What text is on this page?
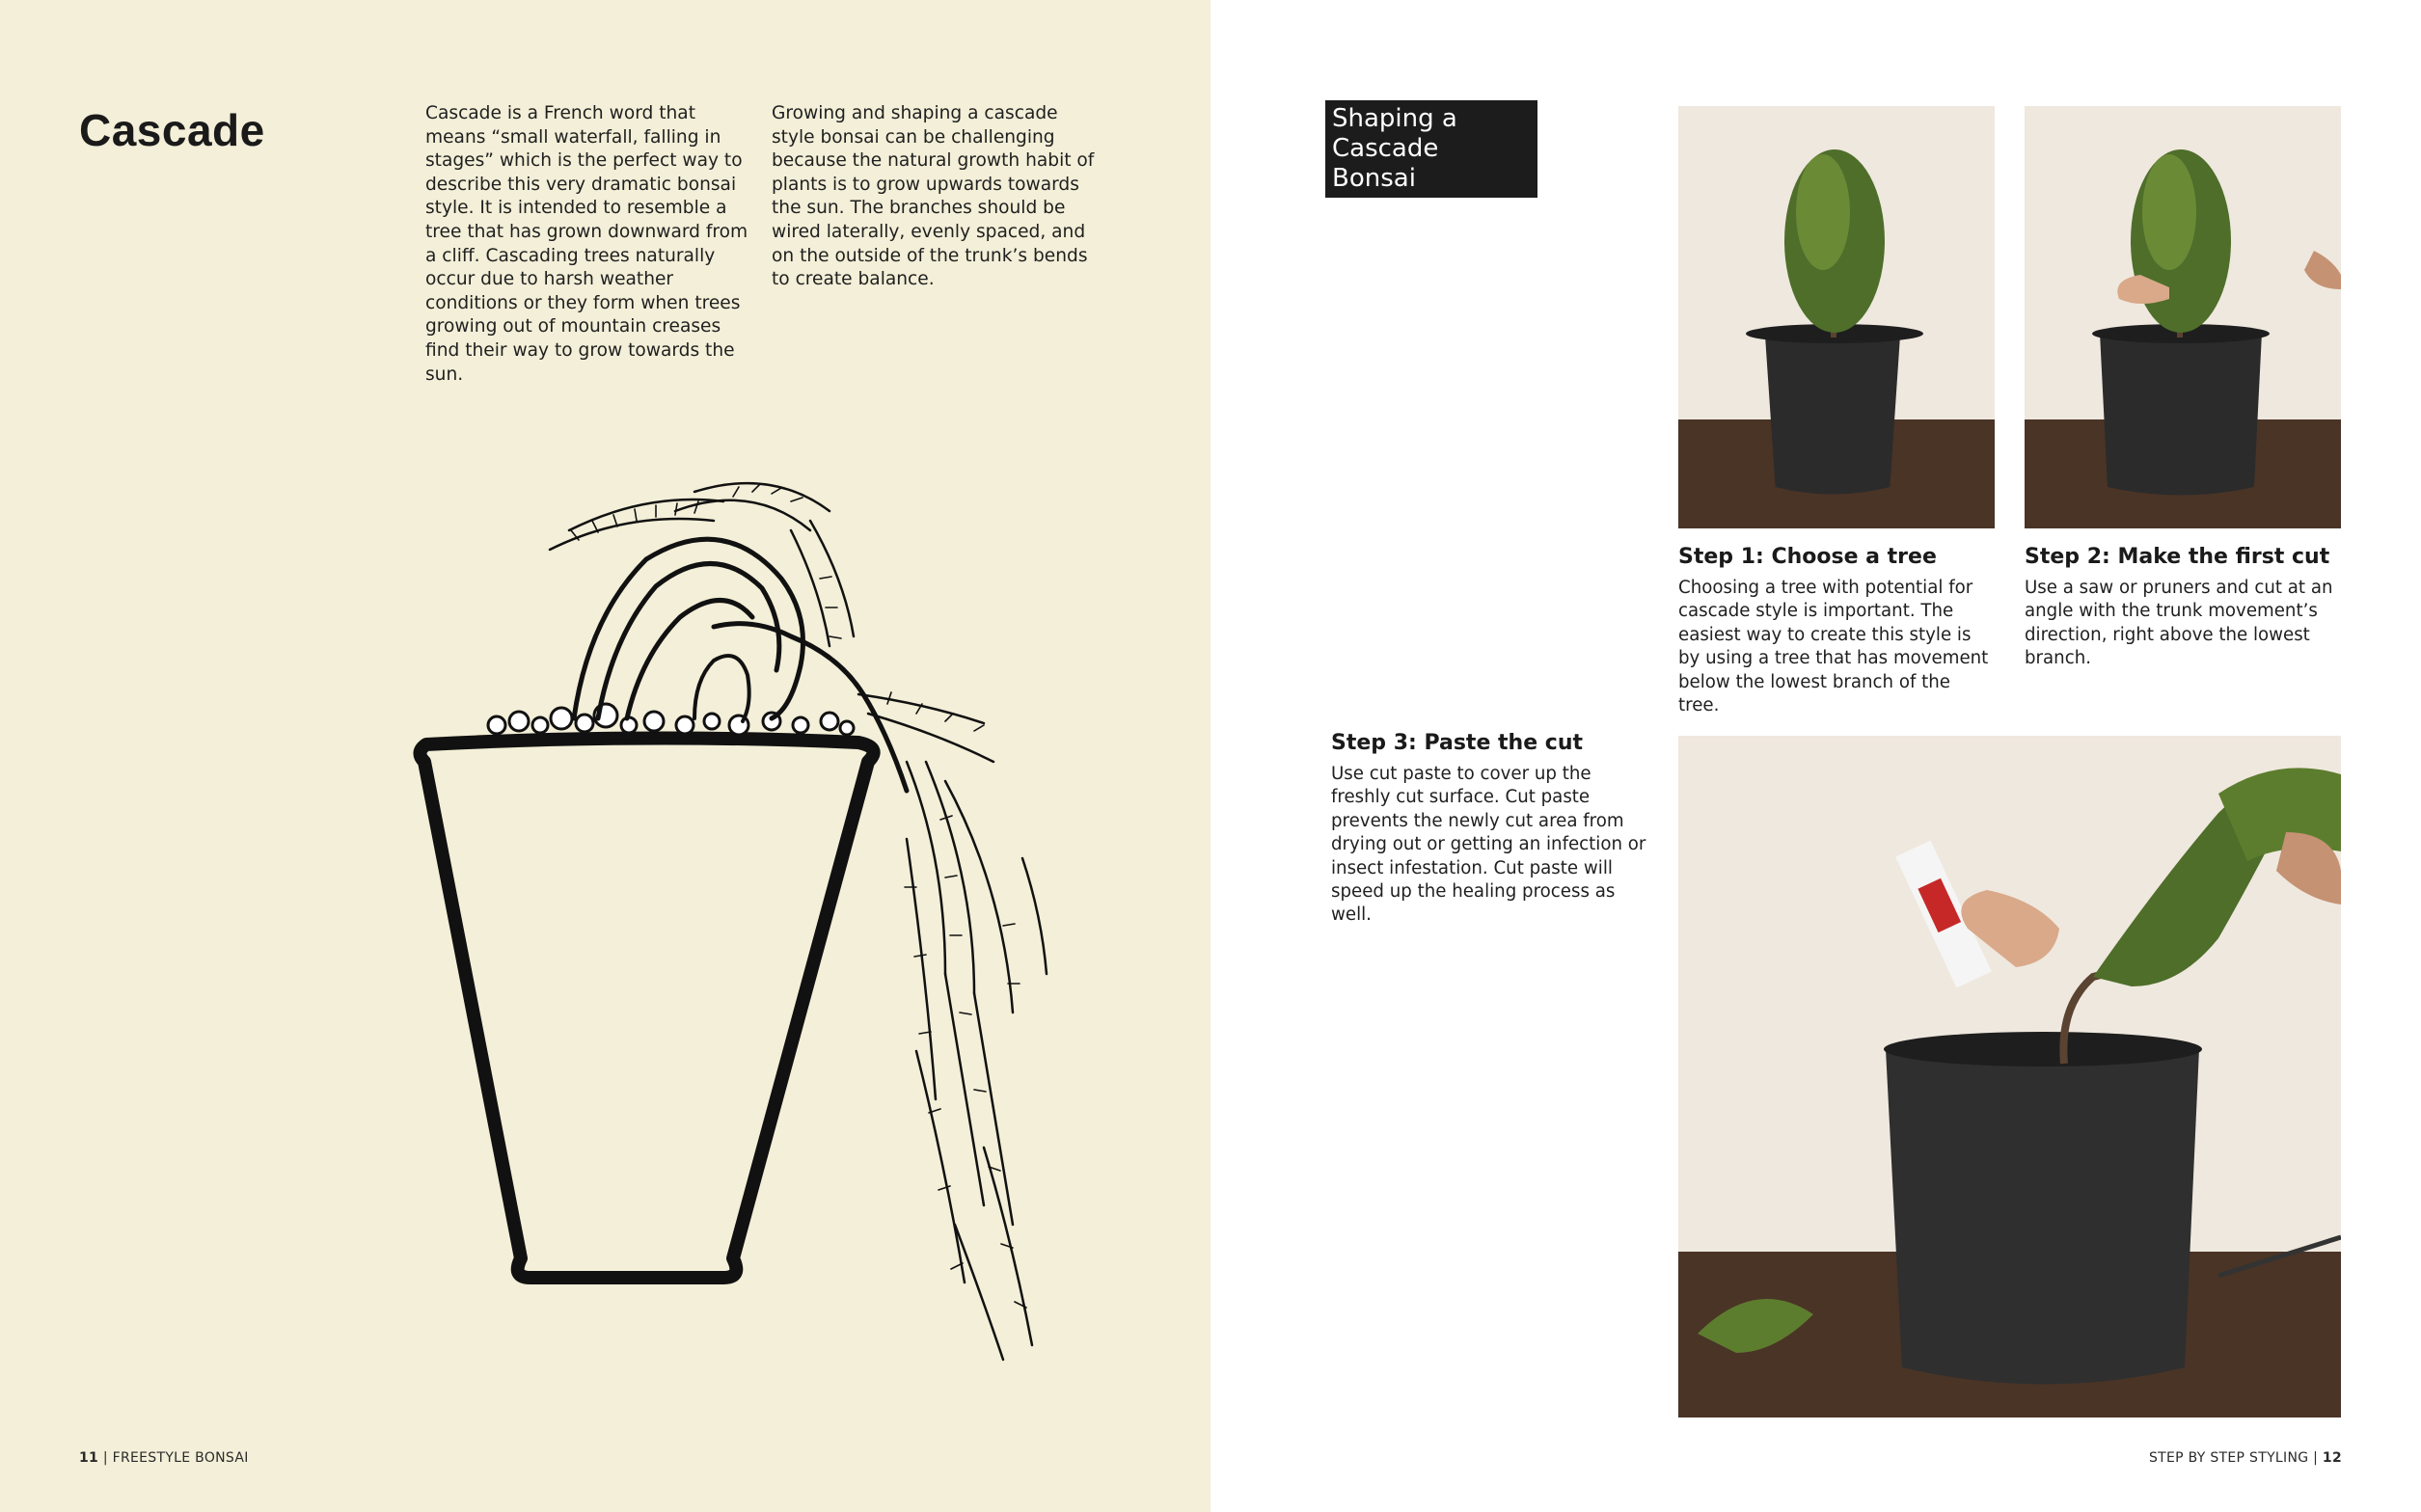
Cascade	Cascade is a French word that means “small waterfall, falling in stages” which is the perfect way to describe this very dramatic bonsai style. It is intended to resemble a tree that has grown downward from a cliff. Cascading trees naturally occur due to harsh weather conditions or they form when trees growing out of mountain creases find their way to grow towards the sun.
Growing and shaping a cascade style bonsai can be challenging because the natural growth habit of plants is to grow upwards towards the sun. The branches should be wired laterally, evenly spaced, and on the outside of the trunk’s bends to create balance.
11 | FREESTYLE BONSAI
Shaping a
Cascade Bonsai
Step 1: Choose a tree
Choosing a tree with potential for cascade style is important. The easiest way to create this style is by using a tree that has movement below the lowest branch of the tree.
Step 2: Make the first cut
Use a saw or pruners and cut at an angle with the trunk movement’s direction, right above the lowest branch.
Step 3: Paste the cut
Use cut paste to cover up the freshly cut surface. Cut paste prevents the newly cut area from drying out or getting an infection or insect infestation. Cut paste will speed up the healing process as well.
STEP BY STEP STYLING | 12
